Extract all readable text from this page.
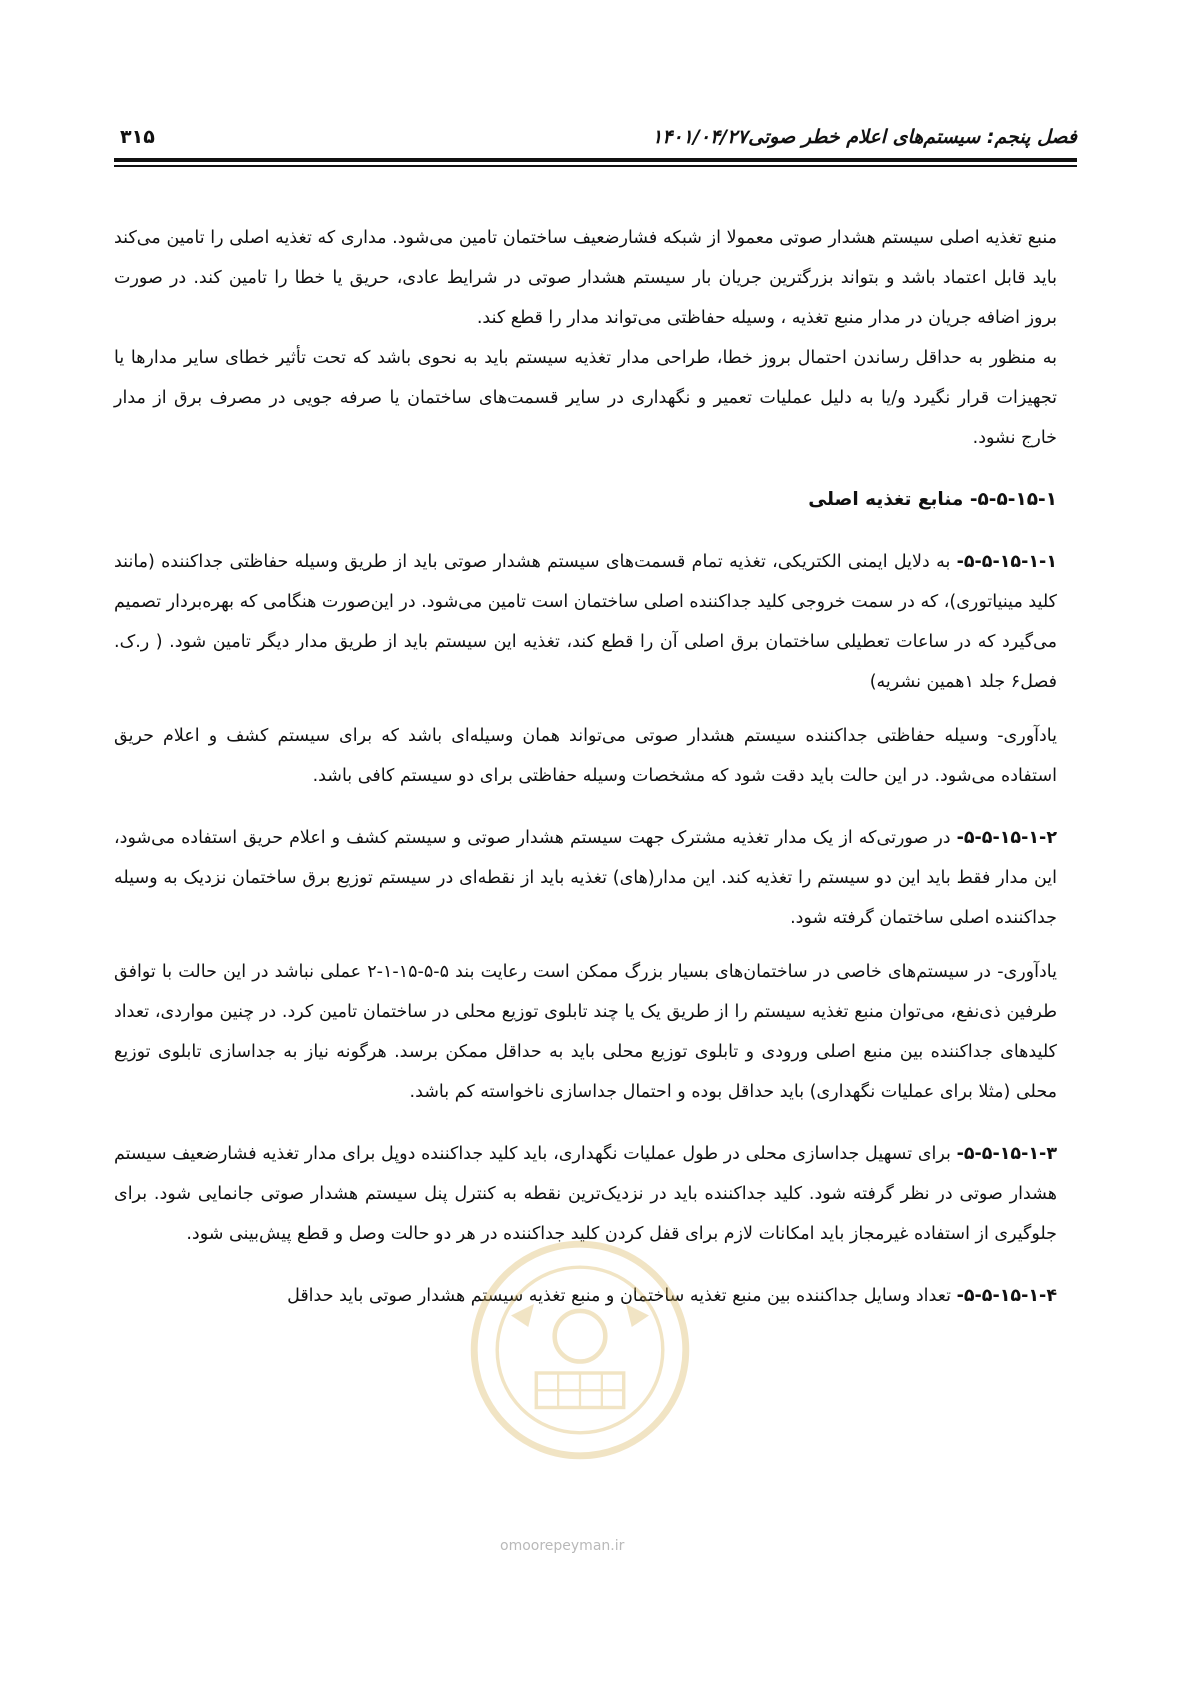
فصل پنجم: سیستم‌های اعلام خطر صوتی
۱۴۰۱/۰۴/۲۷
۳۱۵

منبع تغذیه اصلی سیستم هشدار صوتی معمولا از شبکه فشارضعیف ساختمان تامین می‌شود. مداری که تغذیه اصلی را تامین می‌کند باید قابل اعتماد باشد و بتواند بزرگترین جریان بار سیستم هشدار صوتی در شرایط عادی، حریق یا خطا را تامین کند. در صورت بروز اضافه جریان در مدار منبع تغذیه ، وسیله حفاظتی می‌تواند مدار را قطع کند.

به منظور به حداقل رساندن احتمال بروز خطا، طراحی مدار تغذیه سیستم باید به نحوی باشد که تحت تأثیر خطای سایر مدارها یا تجهیزات قرار نگیرد و/یا به دلیل عملیات تعمیر و نگهداری در سایر قسمت‌های ساختمان یا صرفه جویی در مصرف برق از مدار خارج نشود.

۵-۵-۱۵-۱- منابع تغذیه اصلی

۵-۵-۱۵-۱-۱- به دلایل ایمنی الکتریکی، تغذیه تمام قسمت‌های سیستم هشدار صوتی باید از طریق وسیله حفاظتی جداکننده (مانند کلید مینیاتوری)، که در سمت خروجی کلید جداکننده اصلی ساختمان است تامین می‌شود. در این‌صورت هنگامی که بهره‌بردار تصمیم می‌گیرد که در ساعات تعطیلی ساختمان برق اصلی آن را قطع کند، تغذیه این سیستم باید از طریق مدار دیگر تامین شود. ( ر.ک. فصل۶ جلد ۱همین نشریه)

یادآوری- وسیله حفاظتی جداکننده سیستم هشدار صوتی می‌تواند همان وسیله‌ای باشد که برای سیستم کشف و اعلام حریق استفاده می‌شود. در این حالت باید دقت شود که مشخصات وسیله حفاظتی برای دو سیستم کافی باشد.

۵-۵-۱۵-۱-۲- در صورتی‌که از یک مدار تغذیه مشترک جهت سیستم هشدار صوتی و سیستم کشف و اعلام حریق استفاده می‌شود، این مدار فقط باید این دو سیستم را تغذیه کند. این مدار(های) تغذیه باید از نقطه‌ای در سیستم توزیع برق ساختمان نزدیک به وسیله جداکننده اصلی ساختمان گرفته شود.

یادآوری- در سیستم‌های خاصی در ساختمان‌های بسیار بزرگ ممکن است رعایت بند ۵-۵-۱۵-۱-۲ عملی نباشد در این حالت با توافق طرفین ذی‌نفع، می‌توان منبع تغذیه سیستم را از طریق یک یا چند تابلوی توزیع محلی در ساختمان تامین کرد. در چنین مواردی، تعداد کلیدهای جداکننده بین منبع اصلی ورودی و تابلوی توزیع محلی باید به حداقل ممکن برسد. هرگونه نیاز به جداسازی تابلوی توزیع محلی (مثلا برای عملیات نگهداری) باید حداقل بوده و احتمال جداسازی ناخواسته کم باشد.

۵-۵-۱۵-۱-۳- برای تسهیل جداسازی محلی در طول عملیات نگهداری، باید کلید جداکننده دوپل برای مدار تغذیه فشارضعیف سیستم هشدار صوتی در نظر گرفته شود. کلید جداکننده باید در نزدیک‌ترین نقطه به کنترل پنل سیستم هشدار صوتی جانمایی شود. برای جلوگیری از استفاده غیرمجاز باید امکانات لازم برای قفل کردن کلید جداکننده در هر دو حالت وصل و قطع پیش‌بینی شود.

۵-۵-۱۵-۱-۴- تعداد وسایل جداکننده بین منبع تغذیه ساختمان و منبع تغذیه سیستم هشدار صوتی باید حداقل

omoorepeyman.ir
